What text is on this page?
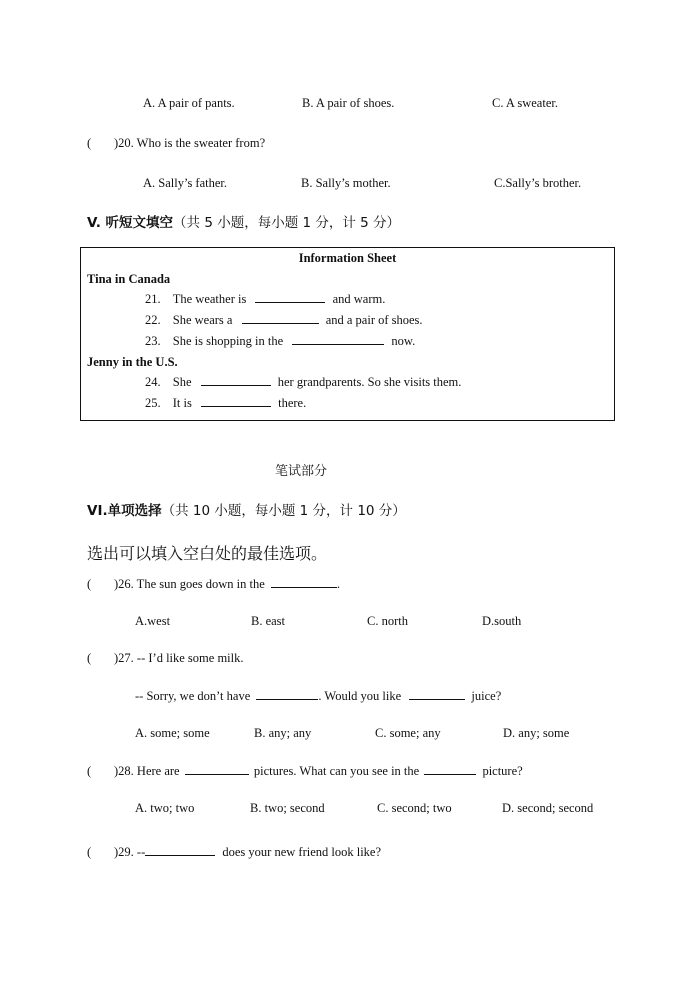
A. A pair of pants.	B. A pair of shoes.	C. A sweater.
( )20. Who is the sweater from?
A. Sally’s father.	B. Sally’s mother.	C.Sally’s brother.
V. 听短文填空（共 5 小题，每小题 1 分，计 5 分）
Information Sheet
Tina in Canada
21. The weather is	and warm.
22. She wears a	and a pair of shoes.
23. She is shopping in the	now.
Jenny in the U.S.
24. She	her grandparents. So she visits them.
25. It is	there.
笔试部分
VI.单项选择（共 10 小题，每小题 1 分，计 10 分）
选出可以填入空白处的最佳选项。
( )26. The sun goes down in the	.
A.west	B. east	C. north	D.south
( )27. -- I’d like some milk.
-- Sorry, we don’t have	. Would you like	juice?
A. some; some	B. any; any	C. some; any	D. any; some
( )28. Here are	pictures. What can you see in the	picture?
A. two; two	B. two; second	C. second; two	D. second; second
( )29. --	does your new friend look like?
